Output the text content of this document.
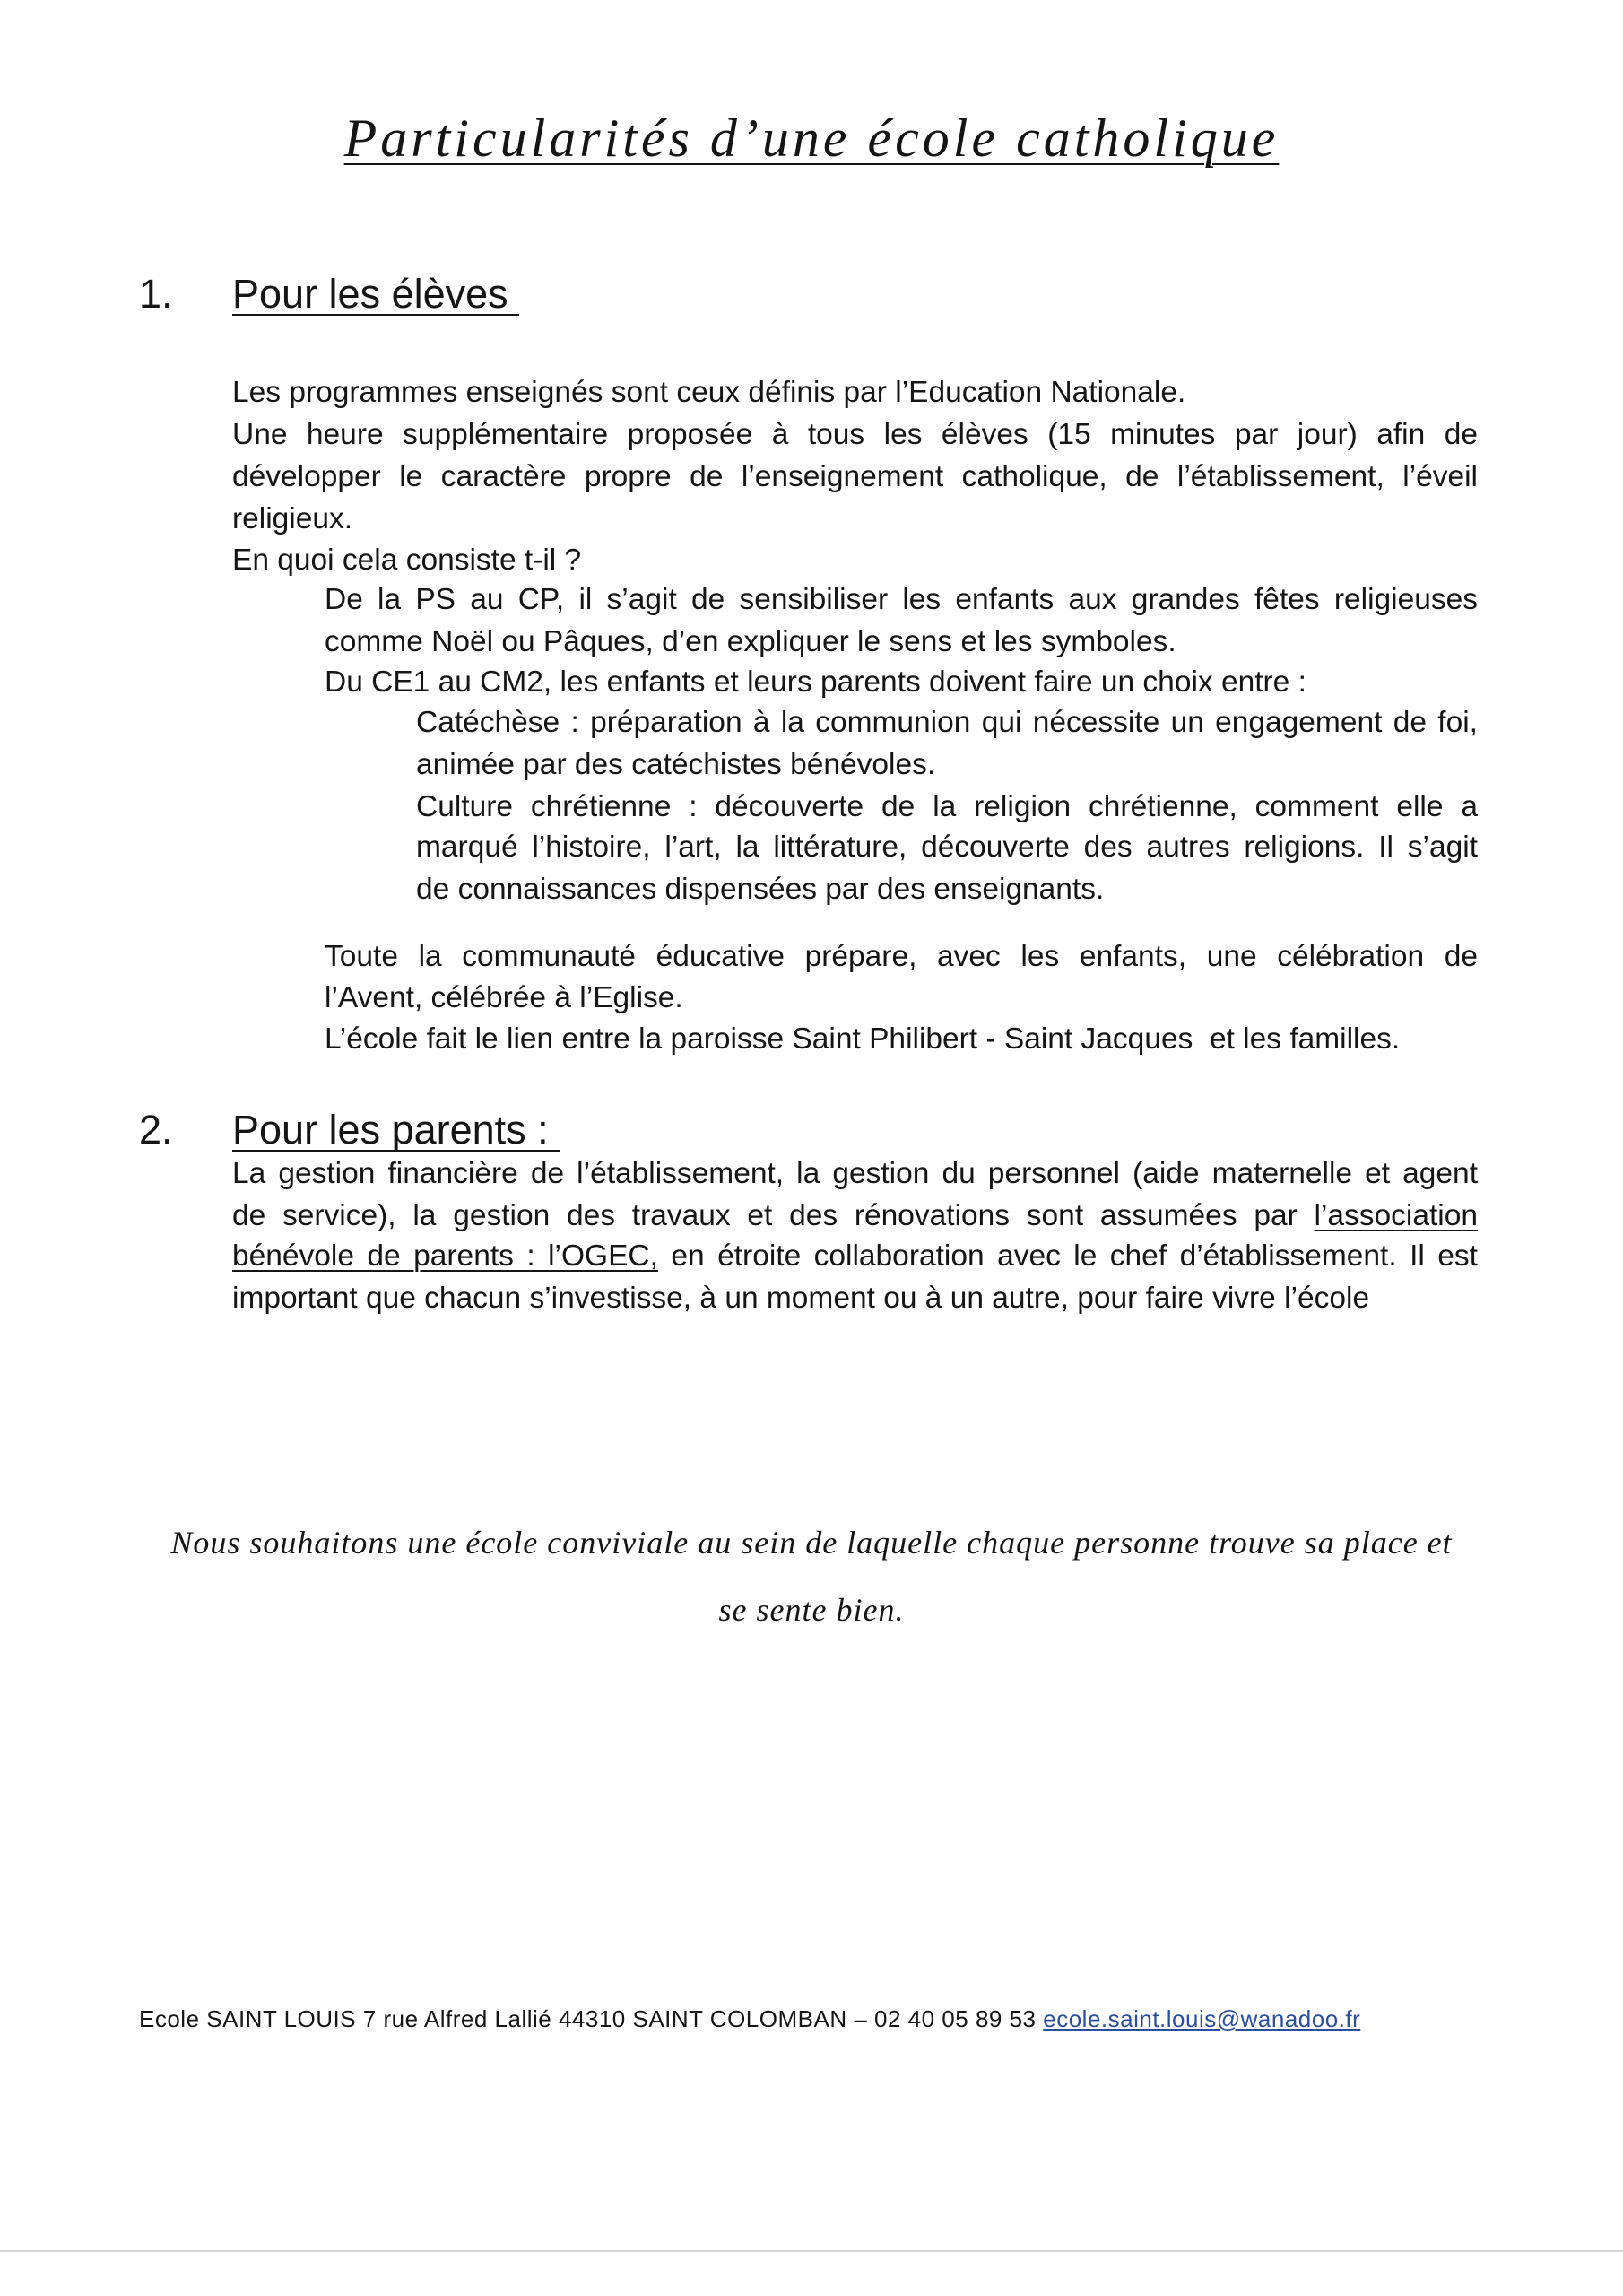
Particularités d’une école catholique
1. Pour les élèves
Les programmes enseignés sont ceux définis par l’Education Nationale.
Une heure supplémentaire proposée à tous les élèves (15 minutes par jour) afin de
développer le caractère propre de l’enseignement catholique, de l’établissement, l’éveil
religieux.
En quoi cela consiste t-il ?
De la PS au CP, il s’agit de sensibiliser les enfants aux grandes fêtes religieuses
comme Noël ou Pâques, d’en expliquer le sens et les symboles.
Du CE1 au CM2, les enfants et leurs parents doivent faire un choix entre :
Catéchèse : préparation à la communion qui nécessite un engagement de foi,
animée par des catéchistes bénévoles.
Culture chrétienne : découverte de la religion chrétienne, comment elle a
marqué l’histoire, l’art, la littérature, découverte des autres religions. Il s’agit
de connaissances dispensées par des enseignants.
Toute la communauté éducative prépare, avec les enfants, une célébration de
l’Avent, célébrée à l’Eglise.
L’école fait le lien entre la paroisse Saint Philibert - Saint Jacques  et les familles.
2. Pour les parents :
La gestion financière de l’établissement, la gestion du personnel (aide maternelle et agent
de service), la gestion des travaux et des rénovations sont assumées par l’association
bénévole de parents : l’OGEC, en étroite collaboration avec le chef d’établissement. Il est
important que chacun s’investisse, à un moment ou à un autre, pour faire vivre l’école
Nous souhaitons une école conviviale au sein de laquelle chaque personne trouve sa place et
se sente bien.
Ecole SAINT LOUIS 7 rue Alfred Lallié 44310 SAINT COLOMBAN – 02 40 05 89 53 ecole.saint.louis@wanadoo.fr
